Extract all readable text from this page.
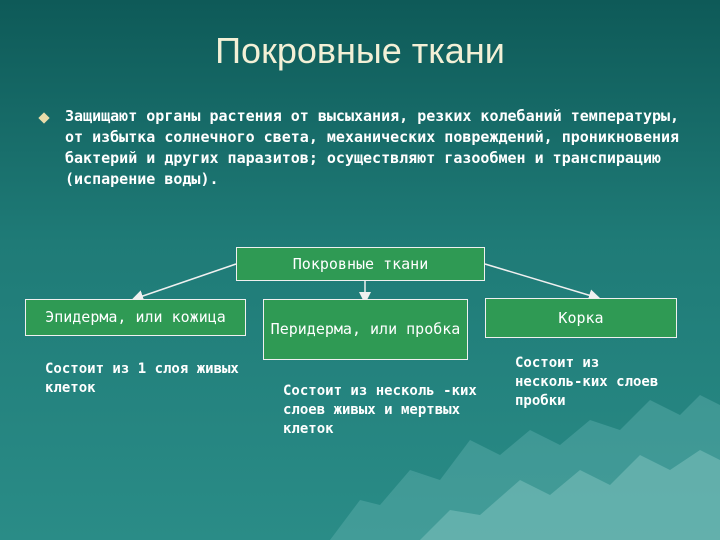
Покровные ткани
Защищают органы растения от высыхания, резких колебаний температуры, от избытка солнечного света, механических повреждений, проникновения бактерий и других паразитов; осуществляют газообмен и транспирацию (испарение воды).
Покровные ткани
Эпидерма, или кожица
Перидерма, или пробка
Корка
Состоит из 1 слоя живых клеток	Состоит из несколь -ких слоев живых и мертвых клеток
Состоит из несколь-ких слоев пробки
